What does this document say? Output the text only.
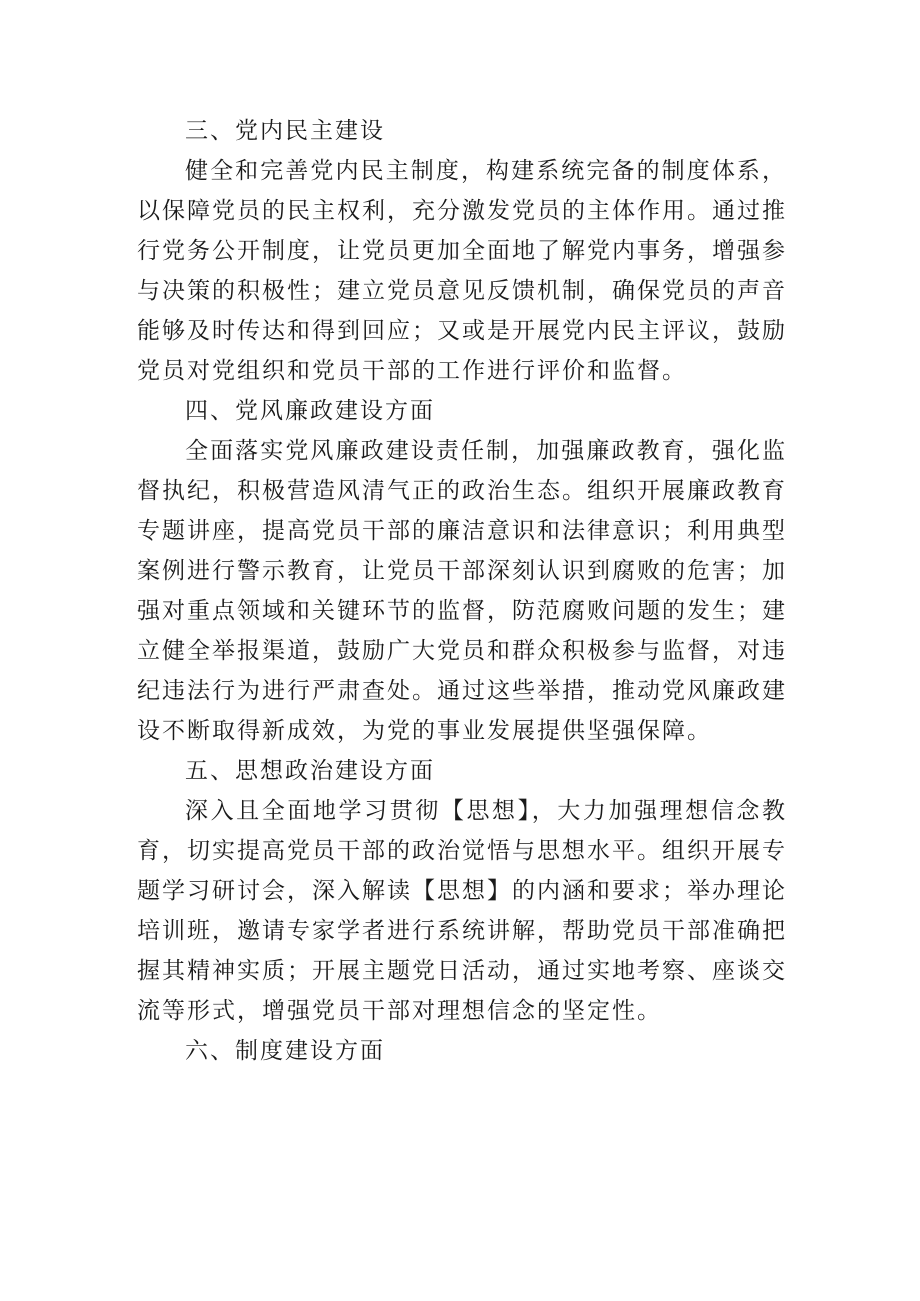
三、党内民主建设

健全和完善党内民主制度，构建系统完备的制度体系，以保障党员的民主权利，充分激发党员的主体作用。通过推行党务公开制度，让党员更加全面地了解党内事务，增强参与决策的积极性；建立党员意见反馈机制，确保党员的声音能够及时传达和得到回应；又或是开展党内民主评议，鼓励党员对党组织和党员干部的工作进行评价和监督。

四、党风廉政建设方面

全面落实党风廉政建设责任制，加强廉政教育，强化监督执纪，积极营造风清气正的政治生态。组织开展廉政教育专题讲座，提高党员干部的廉洁意识和法律意识；利用典型案例进行警示教育，让党员干部深刻认识到腐败的危害；加强对重点领域和关键环节的监督，防范腐败问题的发生；建立健全举报渠道，鼓励广大党员和群众积极参与监督，对违纪违法行为进行严肃查处。通过这些举措，推动党风廉政建设不断取得新成效，为党的事业发展提供坚强保障。

五、思想政治建设方面

深入且全面地学习贯彻【思想】，大力加强理想信念教育，切实提高党员干部的政治觉悟与思想水平。组织开展专题学习研讨会，深入解读【思想】的内涵和要求；举办理论培训班，邀请专家学者进行系统讲解，帮助党员干部准确把握其精神实质；开展主题党日活动，通过实地考察、座谈交流等形式，增强党员干部对理想信念的坚定性。

六、制度建设方面
